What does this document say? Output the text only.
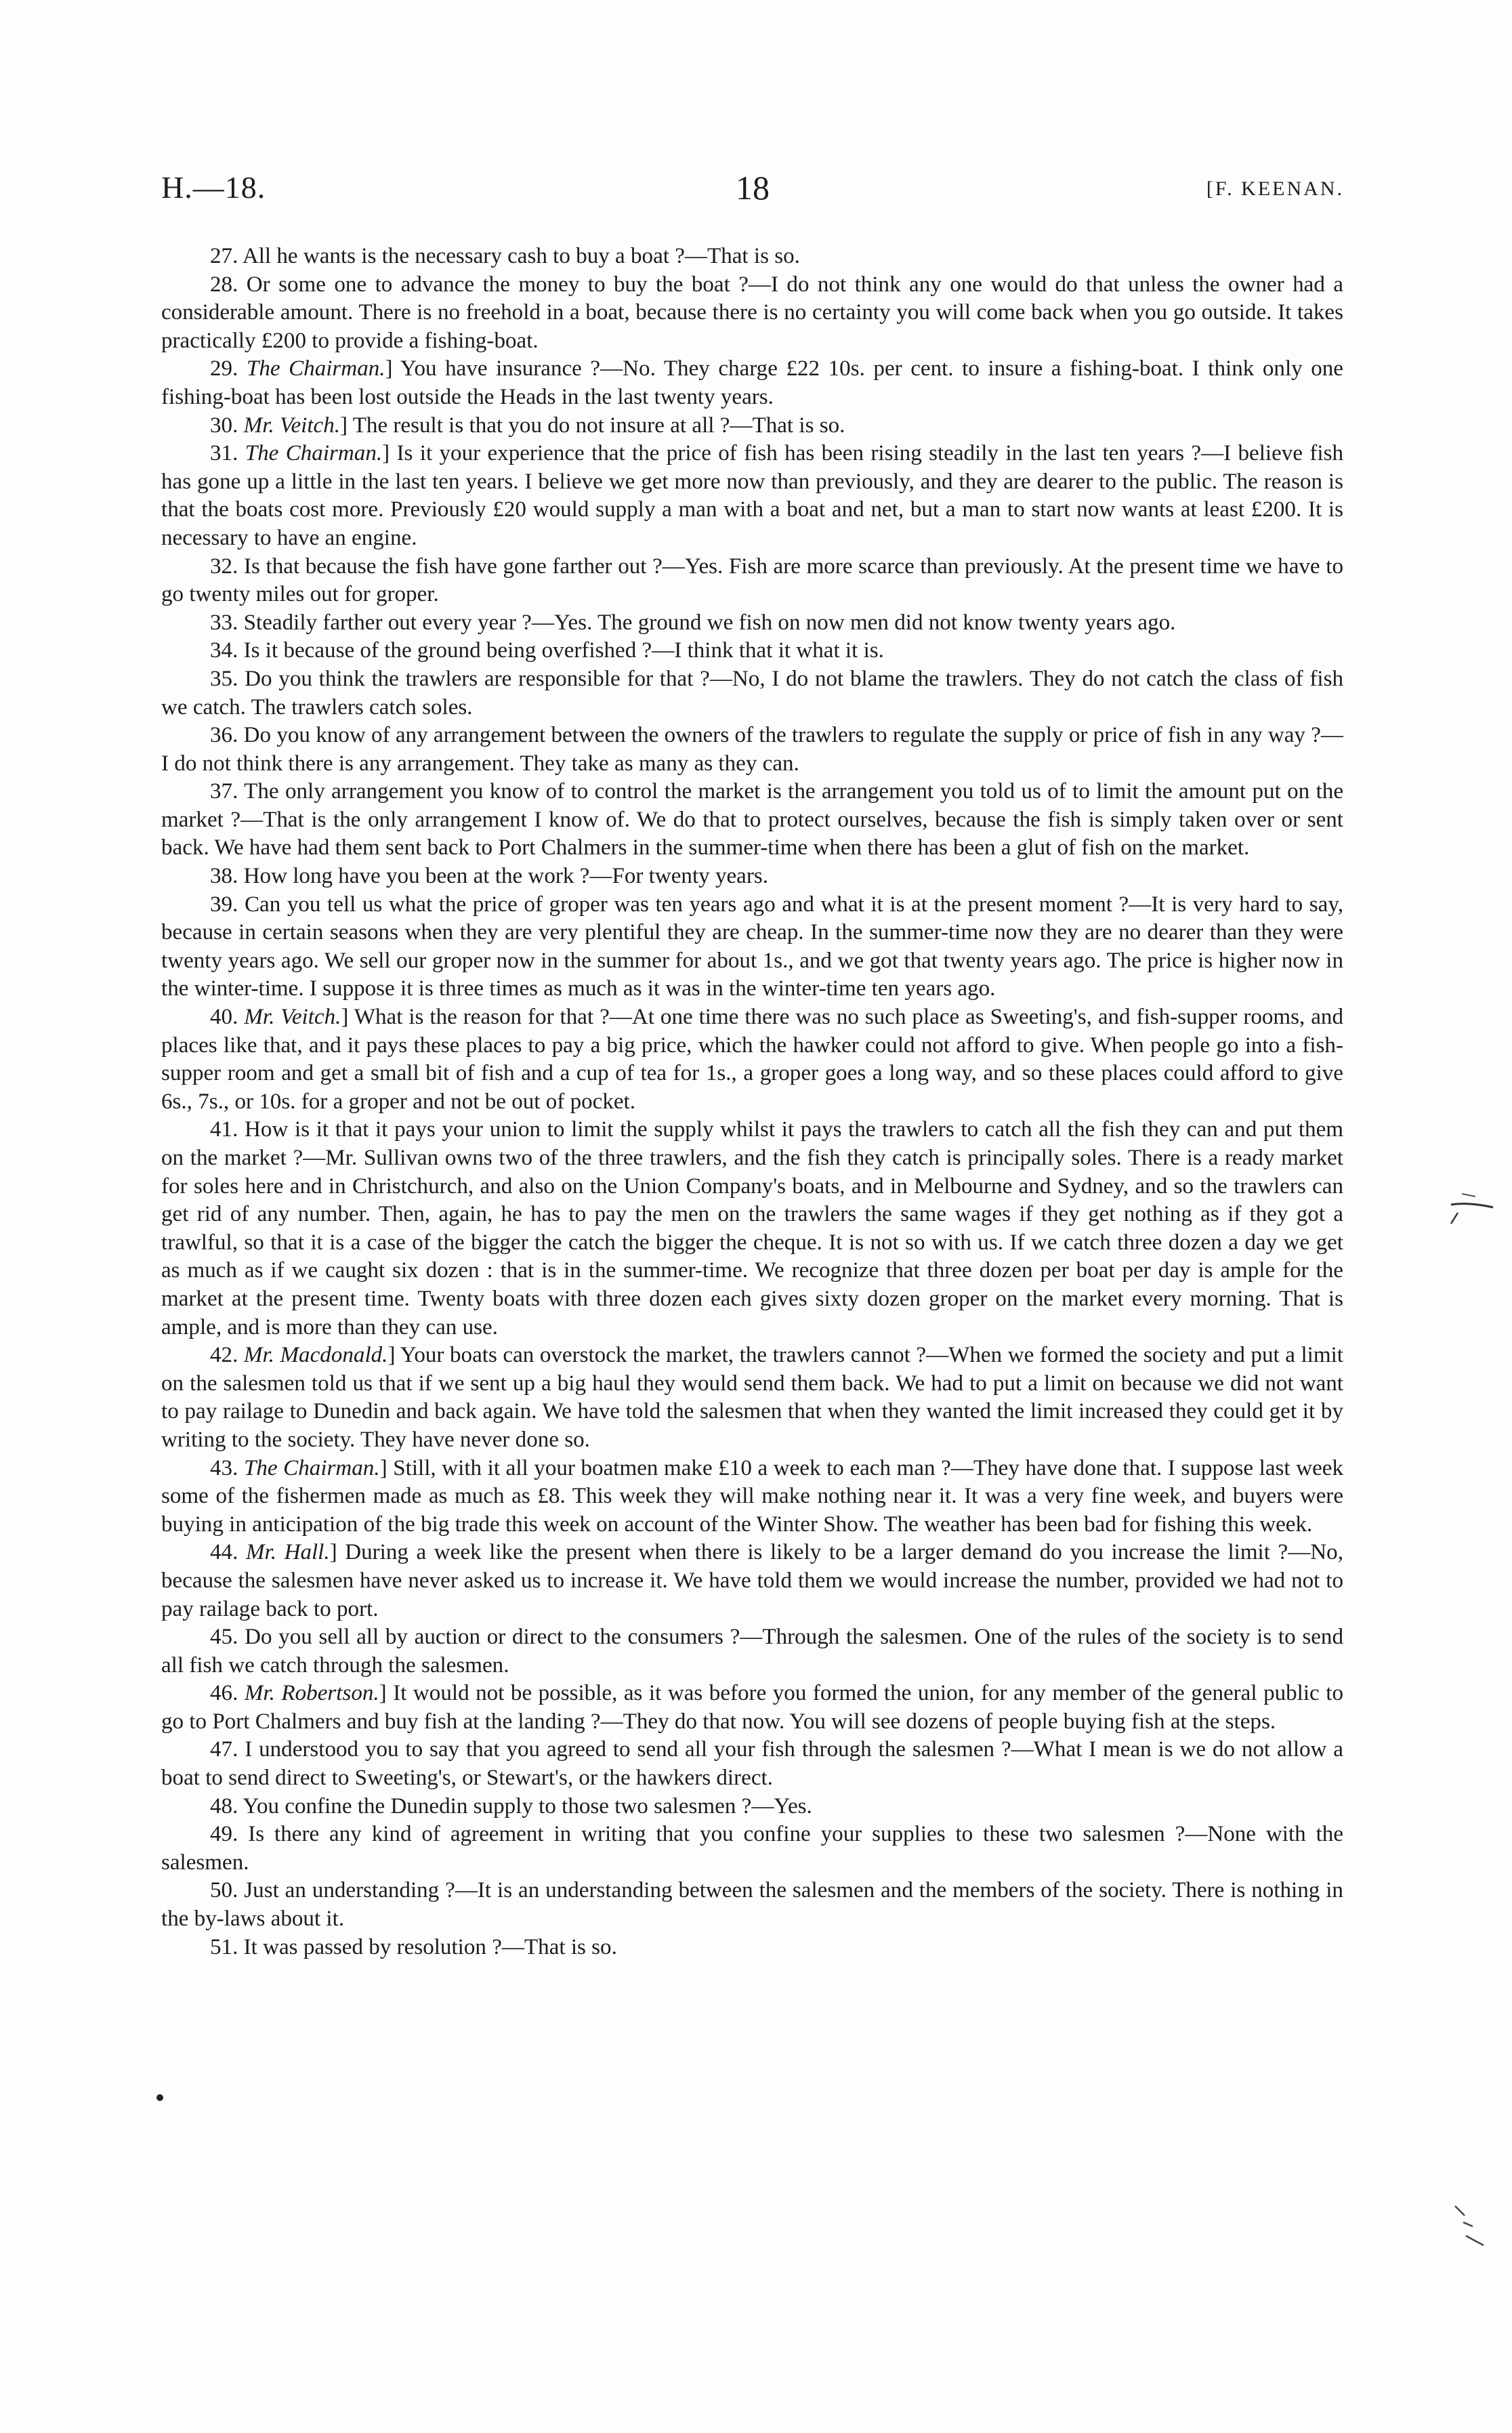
H.—18.	18	[F. KEENAN.

27. All he wants is the necessary cash to buy a boat ?—That is so.

28. Or some one to advance the money to buy the boat ?—I do not think any one would do that unless the owner had a considerable amount. There is no freehold in a boat, because there is no certainty you will come back when you go outside. It takes practically £200 to provide a fishing-boat.

29. The Chairman.] You have insurance ?—No. They charge £22 10s. per cent. to insure a fishing-boat. I think only one fishing-boat has been lost outside the Heads in the last twenty years.

30. Mr. Veitch.] The result is that you do not insure at all ?—That is so.

31. The Chairman.] Is it your experience that the price of fish has been rising steadily in the last ten years ?—I believe fish has gone up a little in the last ten years. I believe we get more now than previously, and they are dearer to the public. The reason is that the boats cost more. Previously £20 would supply a man with a boat and net, but a man to start now wants at least £200. It is necessary to have an engine.

32. Is that because the fish have gone farther out ?—Yes. Fish are more scarce than previously. At the present time we have to go twenty miles out for groper.

33. Steadily farther out every year ?—Yes. The ground we fish on now men did not know twenty years ago.

34. Is it because of the ground being overfished ?—I think that it what it is.

35. Do you think the trawlers are responsible for that ?—No, I do not blame the trawlers. They do not catch the class of fish we catch. The trawlers catch soles.

36. Do you know of any arrangement between the owners of the trawlers to regulate the supply or price of fish in any way ?—I do not think there is any arrangement. They take as many as they can.

37. The only arrangement you know of to control the market is the arrangement you told us of to limit the amount put on the market ?—That is the only arrangement I know of. We do that to protect ourselves, because the fish is simply taken over or sent back. We have had them sent back to Port Chalmers in the summer-time when there has been a glut of fish on the market.

38. How long have you been at the work ?—For twenty years.

39. Can you tell us what the price of groper was ten years ago and what it is at the present moment ?—It is very hard to say, because in certain seasons when they are very plentiful they are cheap. In the summer-time now they are no dearer than they were twenty years ago. We sell our groper now in the summer for about 1s., and we got that twenty years ago. The price is higher now in the winter-time. I suppose it is three times as much as it was in the winter-time ten years ago.

40. Mr. Veitch.] What is the reason for that ?—At one time there was no such place as Sweeting's, and fish-supper rooms, and places like that, and it pays these places to pay a big price, which the hawker could not afford to give. When people go into a fish-supper room and get a small bit of fish and a cup of tea for 1s., a groper goes a long way, and so these places could afford to give 6s., 7s., or 10s. for a groper and not be out of pocket.

41. How is it that it pays your union to limit the supply whilst it pays the trawlers to catch all the fish they can and put them on the market ?—Mr. Sullivan owns two of the three trawlers, and the fish they catch is principally soles. There is a ready market for soles here and in Christchurch, and also on the Union Company's boats, and in Melbourne and Sydney, and so the trawlers can get rid of any number. Then, again, he has to pay the men on the trawlers the same wages if they get nothing as if they got a trawlful, so that it is a case of the bigger the catch the bigger the cheque. It is not so with us. If we catch three dozen a day we get as much as if we caught six dozen : that is in the summer-time. We recognize that three dozen per boat per day is ample for the market at the present time. Twenty boats with three dozen each gives sixty dozen groper on the market every morning. That is ample, and is more than they can use.

42. Mr. Macdonald.] Your boats can overstock the market, the trawlers cannot ?—When we formed the society and put a limit on the salesmen told us that if we sent up a big haul they would send them back. We had to put a limit on because we did not want to pay railage to Dunedin and back again. We have told the salesmen that when they wanted the limit increased they could get it by writing to the society. They have never done so.

43. The Chairman.] Still, with it all your boatmen make £10 a week to each man ?—They have done that. I suppose last week some of the fishermen made as much as £8. This week they will make nothing near it. It was a very fine week, and buyers were buying in anticipation of the big trade this week on account of the Winter Show. The weather has been bad for fishing this week.

44. Mr. Hall.] During a week like the present when there is likely to be a larger demand do you increase the limit ?—No, because the salesmen have never asked us to increase it. We have told them we would increase the number, provided we had not to pay railage back to port.

45. Do you sell all by auction or direct to the consumers ?—Through the salesmen. One of the rules of the society is to send all fish we catch through the salesmen.

46. Mr. Robertson.] It would not be possible, as it was before you formed the union, for any member of the general public to go to Port Chalmers and buy fish at the landing ?—They do that now. You will see dozens of people buying fish at the steps.

47. I understood you to say that you agreed to send all your fish through the salesmen ?—What I mean is we do not allow a boat to send direct to Sweeting's, or Stewart's, or the hawkers direct.

48. You confine the Dunedin supply to those two salesmen ?—Yes.

49. Is there any kind of agreement in writing that you confine your supplies to these two salesmen ?—None with the salesmen.

50. Just an understanding ?—It is an understanding between the salesmen and the members of the society. There is nothing in the by-laws about it.

51. It was passed by resolution ?—That is so.
